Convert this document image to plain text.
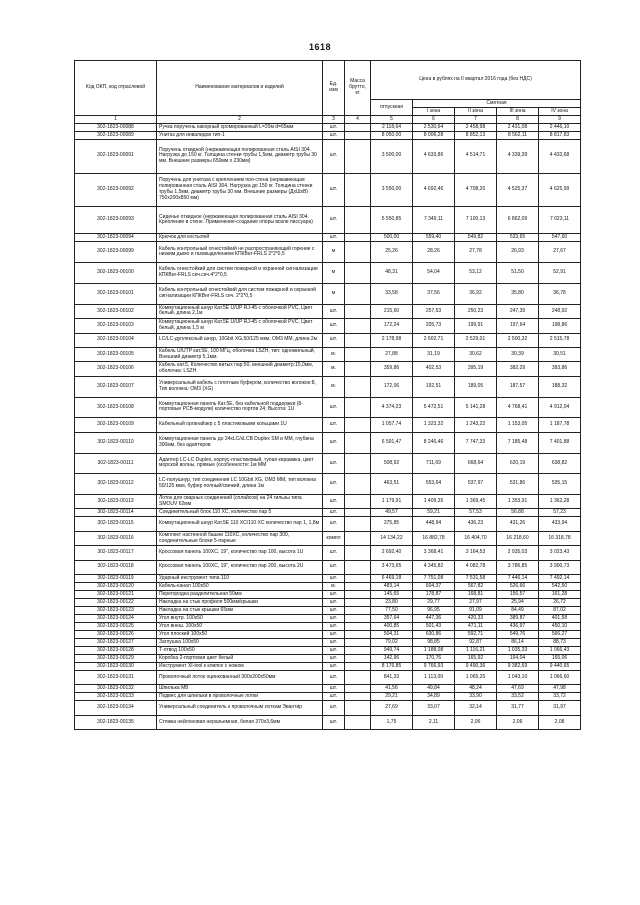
1618
Код ОКП, код отраслевой	Наименование материалов и изделий	Ед. изм	Масса брутто, кг	Цена в рублях на II квартал 2016 года (без НДС)				
				отпускная	Сметная			
					I зона	II зона	III зона	IV зона
1	2	3	4	5	6	7	8	9
302-1823-00088	Ручка поручень накорный хромированный L=20м d=65мм	шт.		2 118,64	2 530,64	2 458,98	2 431,08	2 446,10
302-1823-00089	Унитаз для инвалидов тип-1	шт.		8 050,00	8 006,28	8 852,13	8 562,11	8 817,83
302-1823-00091	Поручень откидной (нержавеющая полированная сталь AISI 304. Нагрузка до 150 кг. Толщина стенки трубы 1,5мм, диаметр трубы 30 мм. Внешние размеры 650мм х 230мм)	шт.		3 500,00	4 633,86	4 514,71	4 339,39	4 433,68
302-1823-00092	Поручень для унитаза с креплением пол-стена (нержавеющая полированная сталь AISI 304. Нагрузка до 150 кг. Толщина стенки трубы 1,5мм, диаметр трубы 30 мм. Внешние размеры (ДxШxВ) 750x200x850 мм)	шт.		3 550,00	4 692,46	4 708,20	4 525,37	4 625,99
302-1823-00093	Сиденье откидное (нержавеющая полированная сталь AISI 304. Крепление в стене. Применение-создание опоры возле писсуара)	шт.		5 550,85	7 349,11	7 100,13	6 862,09	7 023,11
302-1823-00094	Крючок для костылей	шт.		500,00	559,40	549,82	533,65	547,60
302-1823-00099	Кабель контрольный огнестойкий не распространяющий горение с низким дымо и газовыделением КПКВнг-FRLS 2*2*0,5	м		25,26	28,26	27,78	26,93	27,67
302-1823-00100	Кабель огнестойкий для систем пожарной и охранной сигнализации КПКВнг-FRLS сеч.сеч.4*2*0,5	м		48,31	54,04	53,12	51,50	52,91
302-1823-00101	Кабель контрольный огнестойкий для систем пожарной и охранной сигнализации КПКВнг-FRLS сеч. 2*2*0,5	м		33,58	37,56	36,92	35,80	36,78
302-1823-00102	Коммутационный шнур Кат.5Е U/UP RJ-45 с оболочкой PVC, Цвет белый, длина 2,1м	шт.		215,60	257,53	250,23	247,39	248,92
302-1823-00103	Коммутационный шнур Кат.5Е U/UP RJ-45 с оболочкой PVC, Цвет белый, длина 1,5 м	шт.		172,24	205,73	199,91	197,64	198,86
302-1823-00104	LC/LC-дуплексный шнур, 10Gbit XG,50/125 мкм, OM3 MM, длина 2м	шт.		2 178,98	2 602,71	2 529,01	2 500,32	2 515,78
302-1823-00105	Кабель U/UTP кат.5Е, 100 МГц, оболочка LSZH, тип: одножильный, Внешний диаметр 5,1мм.	м.		27,88	31,19	30,62	30,39	30,51
302-1823-00106	Кабель кат.5, Количество витых пар:50, внешний диаметр:15,0мм, оболочка: LSZH	м.		359,86	402,53	395,19	382,29	393,86
302-1823-00107	Универсальный кабель с плотным буфером, количество волокон:8, Тип волокна: OM3 (XG)	м.		172,06	192,51	189,05	187,57	188,32
302-1823-00108	Коммутационная панель Кат.5Е, без кабельной поддержки (8-портовые PCB-модули) количество портов 24; Высота: 1U	шт.		4 374,23	5 472,51	5 141,28	4 768,41	4 912,04
302-1823-00109	Кабельный органайзер с 5 пластиковыми кольцами 1U	шт.		1 057,74	1 323,32	1 243,22	1 153,05	1 187,78
302-1823-00110	Коммутационная панель до 24xLC/xLCB Duplex SM и MM, глубина 300мм, без адаптеров	шт.		6 591,47	8 246,46	7 747,33	7 185,48	7 401,88
302-1823-00111	Адаптер LC-LC Duplex, корпус-пластиковый, тупая керамика, цвет морской волны, прямые (особенности: 1м MM	шт.		508,92	711,69	668,64	620,19	638,82
302-1823-00112	LC-полушнур, тип соединения LC 10Gbit XG, OM3 MM, тип волокна 50/125 мкм, буфер полный/свежий, длина 1м	шт.		463,51	553,64	537,97	531,86	535,15
302-1823-00113	Лоток для сварных соединений (сплайсов) на 24 гильзы типа SMOUV 62мм	шт.		1 179,91	1 409,35	1 369,45	1 353,91	1 362,28
302-1823-00114	Соединительный блок 110 XC, количество пар 5	шт.		49,57	59,21	57,53	56,88	57,23
302-1823-00115	Коммутационный шнур Кат.5Е 110 XC/110 XC количество пар 1, 1,8м	шт.		375,85	448,94	436,23	431,26	433,94
302-1823-00116	Комплект настенной башни 110XC, количество пар 300, соединительные блоки 5-парные	компл		14 134,22	16 882,78	16 404,70	16 218,60	16 318,78
302-1823-00117	Кроссовая панель 100XC, 19", количество пар 100, высота 1U	шт.		2 692,40	3 368,41	3 164,53	2 935,03	3 023,43
302-1823-00118	Кроссовая панель 100XC, 19", количество пар 200, высота 2U	шт.		3 473,65	4 345,82	4 082,78	3 786,85	3 900,73
302-1823-00119	Ударный инструмент типа 110	шт.		6 469,18	7 751,08	7 531,58	7 446,14	7 492,14
302-1823-00120	Кабель-канал 100x50	м.		483,14	604,37	567,82	526,66	542,50
302-1823-00121	Перегородка разделительная 50мм	шт.		145,65	178,87	168,81	156,57	161,28
302-1823-00122	Накладка на стык профиля 500мм/крышки	шт.		23,80	29,77	27,97	25,94	26,72
302-1823-00123	Накладка на стык крышки 65мм	шт.		77,50	96,95	91,09	84,49	87,02
302-1823-00124	Угол внутр. 100x50	шт.		357,64	447,36	420,33	389,87	401,58
302-1823-00125	Угол внеш. 100x50	шт.		400,85	501,43	471,11	436,97	450,10
302-1823-00126	Угол плоский 100x50	шт.		504,31	630,86	592,71	549,76	566,27
302-1823-00127	Заглушка 100x50	шт.		79,02	98,85	92,87	86,14	88,73
302-1823-00128	Т-отвод 100x50	шт.		949,74	1 188,08	1 116,21	1 035,33	1 066,43
302-1823-00129	Коробка 2-портовая цвет белый	шт.		142,96	170,76	165,92	164,04	165,06
302-1823-00130	Инструмент XI-tool к клипсе с ножом	шт.		8 176,85	9 766,93	9 490,36	9 382,69	9 440,65
302-1823-00131	Проволочный лоток оцинкованный 300x200x50мм	шт.		841,33	1 113,09	1 065,25	1 043,10	1 066,60
302-1823-00132	Шпилька М8	шт.		41,56	49,84	48,24	47,69	47,98
302-1823-00133	Подвес для шпильки в проволочные лотки	шт.		29,21	34,89	33,90	33,52	33,72
302-1823-00134	Универсальный соединитель к проволочным лоткам Эвантир	шт.		27,69	33,07	32,14	31,77	31,97
302-1823-00135	Стяжка нейлоновая неразъемная, белая 370x3,6мм	шт.		1,75	2,11	2,06	2,06	2,08
